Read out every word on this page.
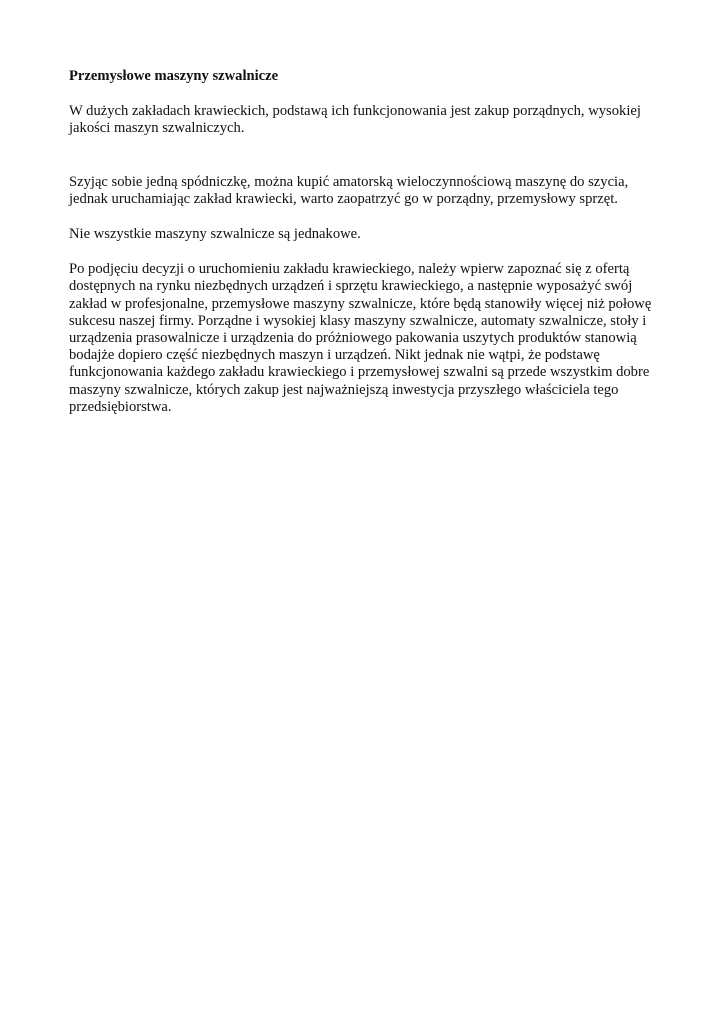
Przemysłowe maszyny szwalnicze
W dużych zakładach krawieckich, podstawą ich funkcjonowania jest zakup porządnych, wysokiej
jakości maszyn szwalniczych.
Szyjąc sobie jedną spódniczkę, można kupić amatorską wieloczynnościową maszynę do szycia,
jednak uruchamiając zakład krawiecki, warto zaopatrzyć go w porządny, przemysłowy sprzęt.
Nie wszystkie maszyny szwalnicze są jednakowe.
Po podjęciu decyzji o uruchomieniu zakładu krawieckiego, należy wpierw zapoznać się z ofertą
dostępnych na rynku niezbędnych urządzeń i sprzętu krawieckiego, a następnie wyposażyć swój
zakład w profesjonalne, przemysłowe maszyny szwalnicze, które będą stanowiły więcej niż połowę
sukcesu naszej firmy. Porządne i wysokiej klasy maszyny szwalnicze, automaty szwalnicze, stoły i
urządzenia prasowalnicze i urządzenia do próżniowego pakowania uszytych produktów stanowią
bodajże dopiero część niezbędnych maszyn i urządzeń. Nikt jednak nie wątpi, że podstawę
funkcjonowania każdego zakładu krawieckiego i przemysłowej szwalni są przede wszystkim dobre
maszyny szwalnicze, których zakup jest najważniejszą inwestycja przyszłego właściciela tego
przedsiębiorstwa.
